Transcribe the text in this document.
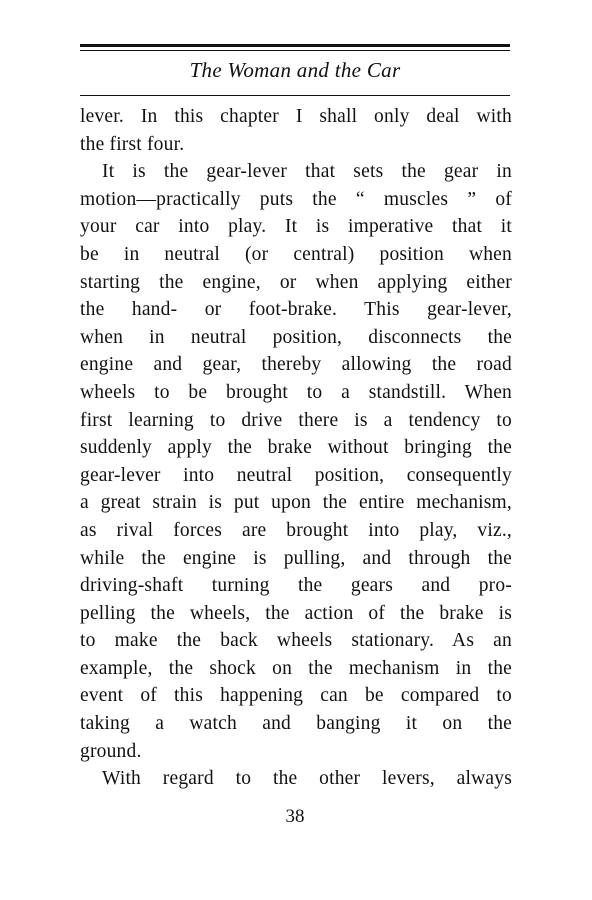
The Woman and the Car
lever. In this chapter I shall only deal with
the first four.
It is the gear-lever that sets the gear in
motion—practically puts the “ muscles ” of
your car into play. It is imperative that it
be in neutral (or central) position when
starting the engine, or when applying either
the hand- or foot-brake. This gear-lever,
when in neutral position, disconnects the
engine and gear, thereby allowing the road
wheels to be brought to a standstill. When
first learning to drive there is a tendency to
suddenly apply the brake without bringing the
gear-lever into neutral position, consequently
a great strain is put upon the entire mechanism,
as rival forces are brought into play, viz.,
while the engine is pulling, and through the
driving-shaft turning the gears and pro-
pelling the wheels, the action of the brake is
to make the back wheels stationary. As an
example, the shock on the mechanism in the
event of this happening can be compared to
taking a watch and banging it on the
ground.
With regard to the other levers, always
38
